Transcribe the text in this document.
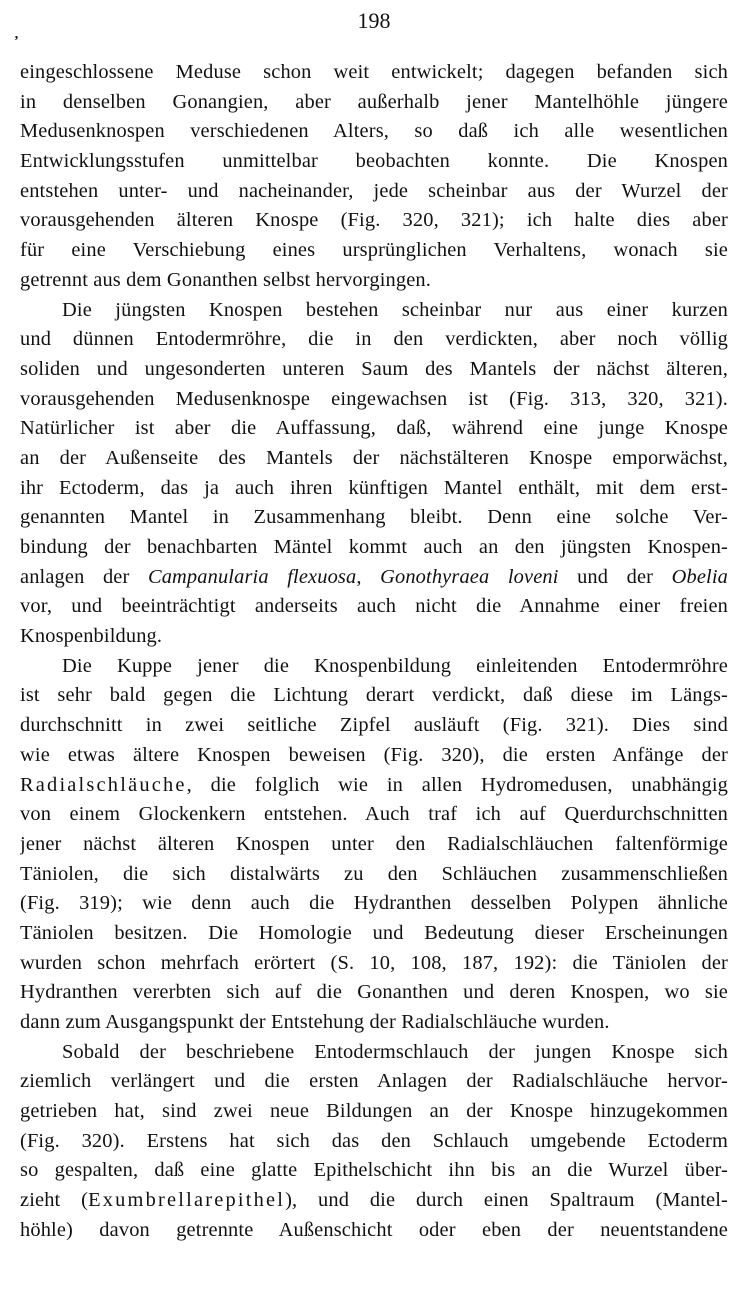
198
’
eingeschlossene Meduse schon weit entwickelt; dagegen befanden sich
in denselben Gonangien, aber außerhalb jener Mantelhöhle jüngere
Medusenknospen verschiedenen Alters, so daß ich alle wesentlichen
Entwicklungsstufen unmittelbar beobachten konnte. Die Knospen
entstehen unter- und nacheinander, jede scheinbar aus der Wurzel der
vorausgehenden älteren Knospe (Fig. 320, 321); ich halte dies aber
für eine Verschiebung eines ursprünglichen Verhaltens, wonach sie
getrennt aus dem Gonanthen selbst hervorgingen.
Die jüngsten Knospen bestehen scheinbar nur aus einer kurzen
und dünnen Entodermröhre, die in den verdickten, aber noch völlig
soliden und ungesonderten unteren Saum des Mantels der nächst älteren,
vorausgehenden Medusenknospe eingewachsen ist (Fig. 313, 320, 321).
Natürlicher ist aber die Auffassung, daß, während eine junge Knospe
an der Außenseite des Mantels der nächstälteren Knospe emporwächst,
ihr Ectoderm, das ja auch ihren künftigen Mantel enthält, mit dem erst-
genannten Mantel in Zusammenhang bleibt. Denn eine solche Ver-
bindung der benachbarten Mäntel kommt auch an den jüngsten Knospen-
anlagen der Campanularia flexuosa, Gonothyraea loveni und der Obelia
vor, und beeinträchtigt anderseits auch nicht die Annahme einer freien
Knospenbildung.
Die Kuppe jener die Knospenbildung einleitenden Entodermröhre
ist sehr bald gegen die Lichtung derart verdickt, daß diese im Längs-
durchschnitt in zwei seitliche Zipfel ausläuft (Fig. 321). Dies sind
wie etwas ältere Knospen beweisen (Fig. 320), die ersten Anfänge der
Radialschläuche, die folglich wie in allen Hydromedusen, unabhängig
von einem Glockenkern entstehen. Auch traf ich auf Querdurchschnitten
jener nächst älteren Knospen unter den Radialschläuchen faltenförmige
Täniolen, die sich distalwärts zu den Schläuchen zusammenschließen
(Fig. 319); wie denn auch die Hydranthen desselben Polypen ähnliche
Täniolen besitzen. Die Homologie und Bedeutung dieser Erscheinungen
wurden schon mehrfach erörtert (S. 10, 108, 187, 192): die Täniolen der
Hydranthen vererbten sich auf die Gonanthen und deren Knospen, wo sie
dann zum Ausgangspunkt der Entstehung der Radialschläuche wurden.
Sobald der beschriebene Entodermschlauch der jungen Knospe sich
ziemlich verlängert und die ersten Anlagen der Radialschläuche hervor-
getrieben hat, sind zwei neue Bildungen an der Knospe hinzugekommen
(Fig. 320). Erstens hat sich das den Schlauch umgebende Ectoderm
so gespalten, daß eine glatte Epithelschicht ihn bis an die Wurzel über-
zieht (Exumbrellarepithel), und die durch einen Spaltraum (Mantel-
höhle) davon getrennte Außenschicht oder eben der neuentstandene
